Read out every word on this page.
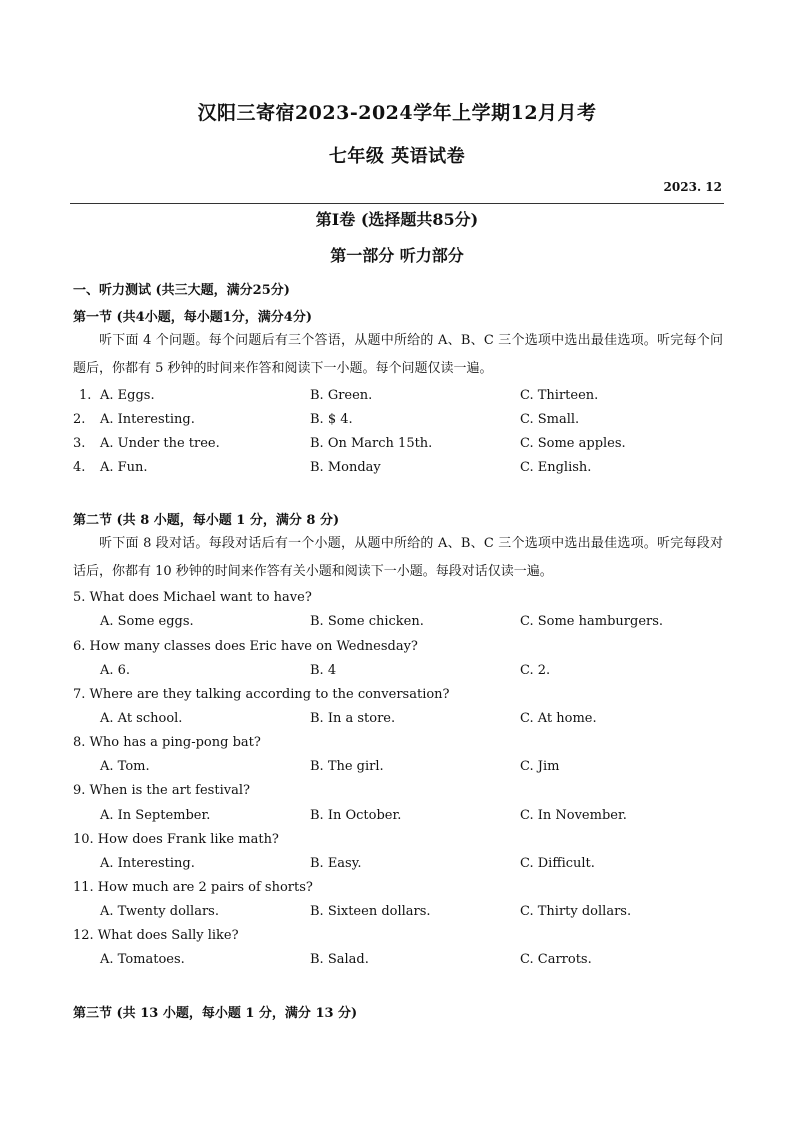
汉阳三寄宿2023-2024学年上学期12月月考
七年级 英语试卷
2023. 12
第Ⅰ卷 (选择题共85分)
第一部分 听力部分
一、听力测试 (共三大题，满分25分)
第一节 (共4小题，每小题1分，满分4分)
听下面 4 个问题。每个问题后有三个答语，从题中所给的 A、B、C 三个选项中选出最佳选项。听完每个问题后，你都有 5 秒钟的时间来作答和阅读下一小题。每个问题仅读一遍。
1. A. Eggs.	B. Green.	C. Thirteen.
2. A. Interesting.	B. $ 4.	C. Small.
3. A. Under the tree.	B. On March 15th.	C. Some apples.
4. A. Fun.	B. Monday	C. English.
第二节 (共 8 小题，每小题 1 分，满分 8 分)
听下面 8 段对话。每段对话后有一个小题，从题中所给的 A、B、C 三个选项中选出最佳选项。听完每段对话后，你都有 10 秒钟的时间来作答有关小题和阅读下一小题。每段对话仅读一遍。
5. What does Michael want to have?
A. Some eggs.	B. Some chicken.	C. Some hamburgers.
6. How many classes does Eric have on Wednesday?
A. 6.	B. 4	C. 2.
7. Where are they talking according to the conversation?
A. At school.	B. In a store.	C. At home.
8. Who has a ping-pong bat?
A. Tom.	B. The girl.	C. Jim
9. When is the art festival?
A. In September.	B. In October.	C. In November.
10. How does Frank like math?
A. Interesting.	B. Easy.	C. Difficult.
11. How much are 2 pairs of shorts?
A. Twenty dollars.	B. Sixteen dollars.	C. Thirty dollars.
12. What does Sally like?
A. Tomatoes.	B. Salad.	C. Carrots.
第三节 (共 13 小题，每小题 1 分，满分 13 分)
